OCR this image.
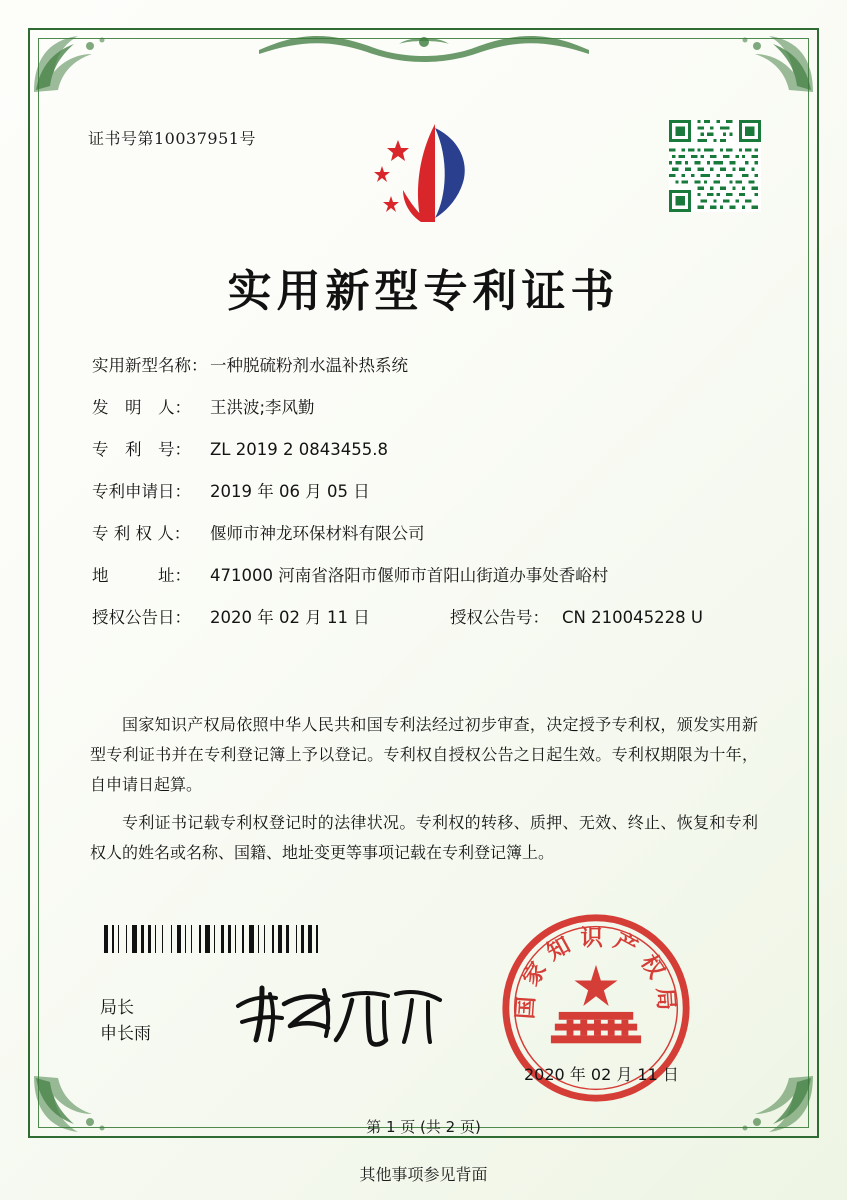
证书号第10037951号
实用新型专利证书
实用新型名称： 一种脱硫粉剂水温补热系统
发　明　人：	王洪波;李风勤
专　利　号：	ZL 2019 2 0843455.8
专利申请日：	2019 年 06 月 05 日
专 利 权 人：	偃师市神龙环保材料有限公司
地　　　址：	471000 河南省洛阳市偃师市首阳山街道办事处香峪村
授权公告日：	2020 年 02 月 11 日	授权公告号： CN 210045228 U

国家知识产权局依照中华人民共和国专利法经过初步审查，决定授予专利权，颁发实用新型专利证书并在专利登记簿上予以登记。专利权自授权公告之日起生效。专利权期限为十年，自申请日起算。

专利证书记载专利权登记时的法律状况。专利权的转移、质押、无效、终止、恢复和专利权人的姓名或名称、国籍、地址变更等事项记载在专利登记簿上。

局长
申长雨
国家知识产权局
2020 年 02 月 11 日
第 1 页 (共 2 页)
其他事项参见背面
